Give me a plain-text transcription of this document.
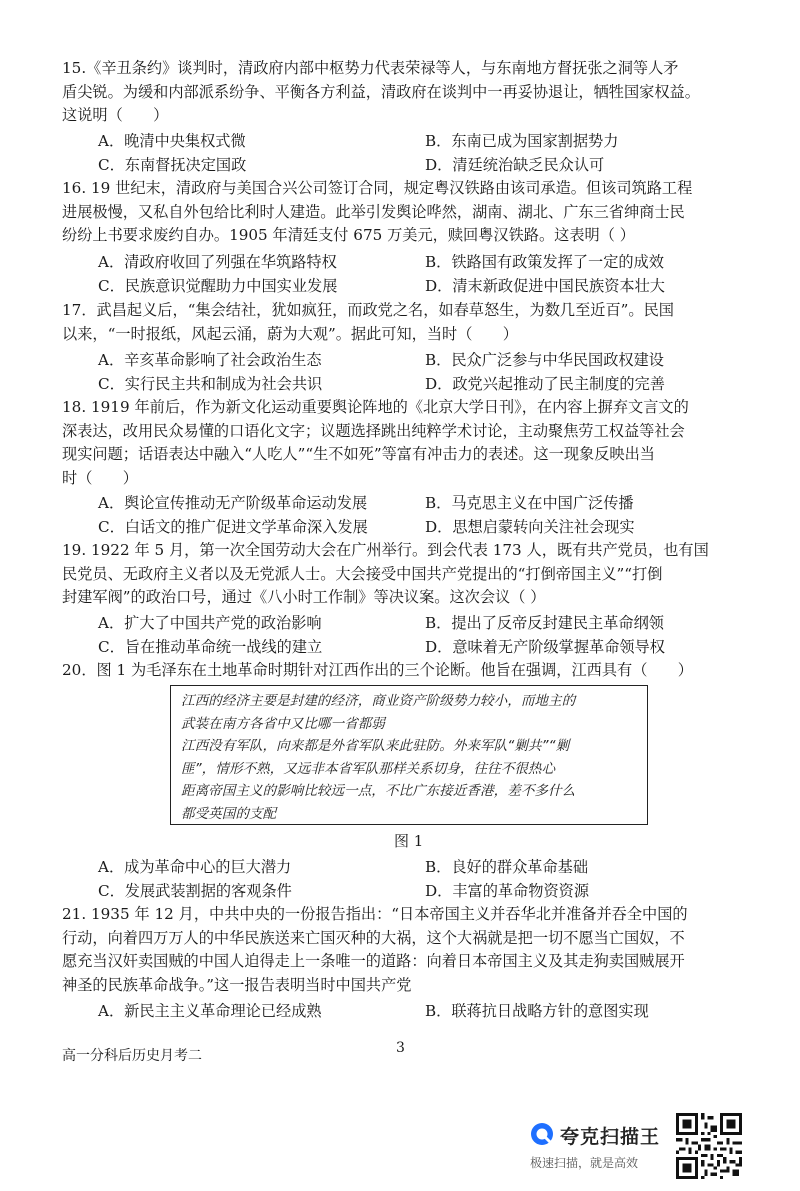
15.《辛丑条约》谈判时，清政府内部中枢势力代表荣禄等人，与东南地方督抚张之洞等人矛

盾尖锐。为缓和内部派系纷争、平衡各方利益，清政府在谈判中一再妥协退让，牺牲国家权益。

这说明（　　）

A．晚清中央集权式微	B．东南已成为国家割据势力
C．东南督抚决定国政	D．清廷统治缺乏民众认可

16. 19 世纪末，清政府与美国合兴公司签订合同，规定粤汉铁路由该司承造。但该司筑路工程

进展极慢，又私自外包给比利时人建造。此举引发舆论哗然，湖南、湖北、广东三省绅商士民

纷纷上书要求废约自办。1905 年清廷支付 675 万美元，赎回粤汉铁路。这表明（ ）

A．清政府收回了列强在华筑路特权	B．铁路国有政策发挥了一定的成效
C．民族意识觉醒助力中国实业发展	D．清末新政促进中国民族资本壮大

17．武昌起义后，“集会结社，犹如疯狂，而政党之名，如春草怒生，为数几至近百”。民国

以来，“一时报纸，风起云涌，蔚为大观”。据此可知，当时（　　）

A．辛亥革命影响了社会政治生态	B．民众广泛参与中华民国政权建设
C．实行民主共和制成为社会共识	D．政党兴起推动了民主制度的完善

18. 1919 年前后，作为新文化运动重要舆论阵地的《北京大学日刊》，在内容上摒弃文言文的

深表达，改用民众易懂的口语化文字；议题选择跳出纯粹学术讨论，主动聚焦劳工权益等社会

现实问题；话语表达中融入“人吃人”“生不如死”等富有冲击力的表述。这一现象反映出当

时（　　）

A．舆论宣传推动无产阶级革命运动发展	B．马克思主义在中国广泛传播
C．白话文的推广促进文学革命深入发展	D．思想启蒙转向关注社会现实

19. 1922 年 5 月，第一次全国劳动大会在广州举行。到会代表 173 人，既有共产党员，也有国

民党员、无政府主义者以及无党派人士。大会接受中国共产党提出的“打倒帝国主义”“打倒

封建军阀”的政治口号，通过《八小时工作制》等决议案。这次会议（ ）

A．扩大了中国共产党的政治影响	B．提出了反帝反封建民主革命纲领
C．旨在推动革命统一战线的建立	D．意味着无产阶级掌握革命领导权

20．图 1 为毛泽东在土地革命时期针对江西作出的三个论断。他旨在强调，江西具有（　　）

江西的经济主要是封建的经济，商业资产阶级势力较小，而地主的
武装在南方各省中又比哪一省都弱
江西没有军队，向来都是外省军队来此驻防。外来军队“剿共”“剿
匪”，情形不熟，又远非本省军队那样关系切身，往往不很热心
距离帝国主义的影响比较远一点，不比广东接近香港，差不多什么
都受英国的支配
图 1
A．成为革命中心的巨大潜力	B．良好的群众革命基础
C．发展武装割据的客观条件	D．丰富的革命物资资源

21. 1935 年 12 月，中共中央的一份报告指出：“日本帝国主义并吞华北并准备并吞全中国的

行动，向着四万万人的中华民族送来亡国灭种的大祸，这个大祸就是把一切不愿当亡国奴，不

愿充当汉奸卖国贼的中国人迫得走上一条唯一的道路：向着日本帝国主义及其走狗卖国贼展开

神圣的民族革命战争。”这一报告表明当时中国共产党

A．新民主主义革命理论已经成熟	B．联蒋抗日战略方针的意图实现
高一分科后历史月考二	3
夸克扫描王
极速扫描，就是高效
